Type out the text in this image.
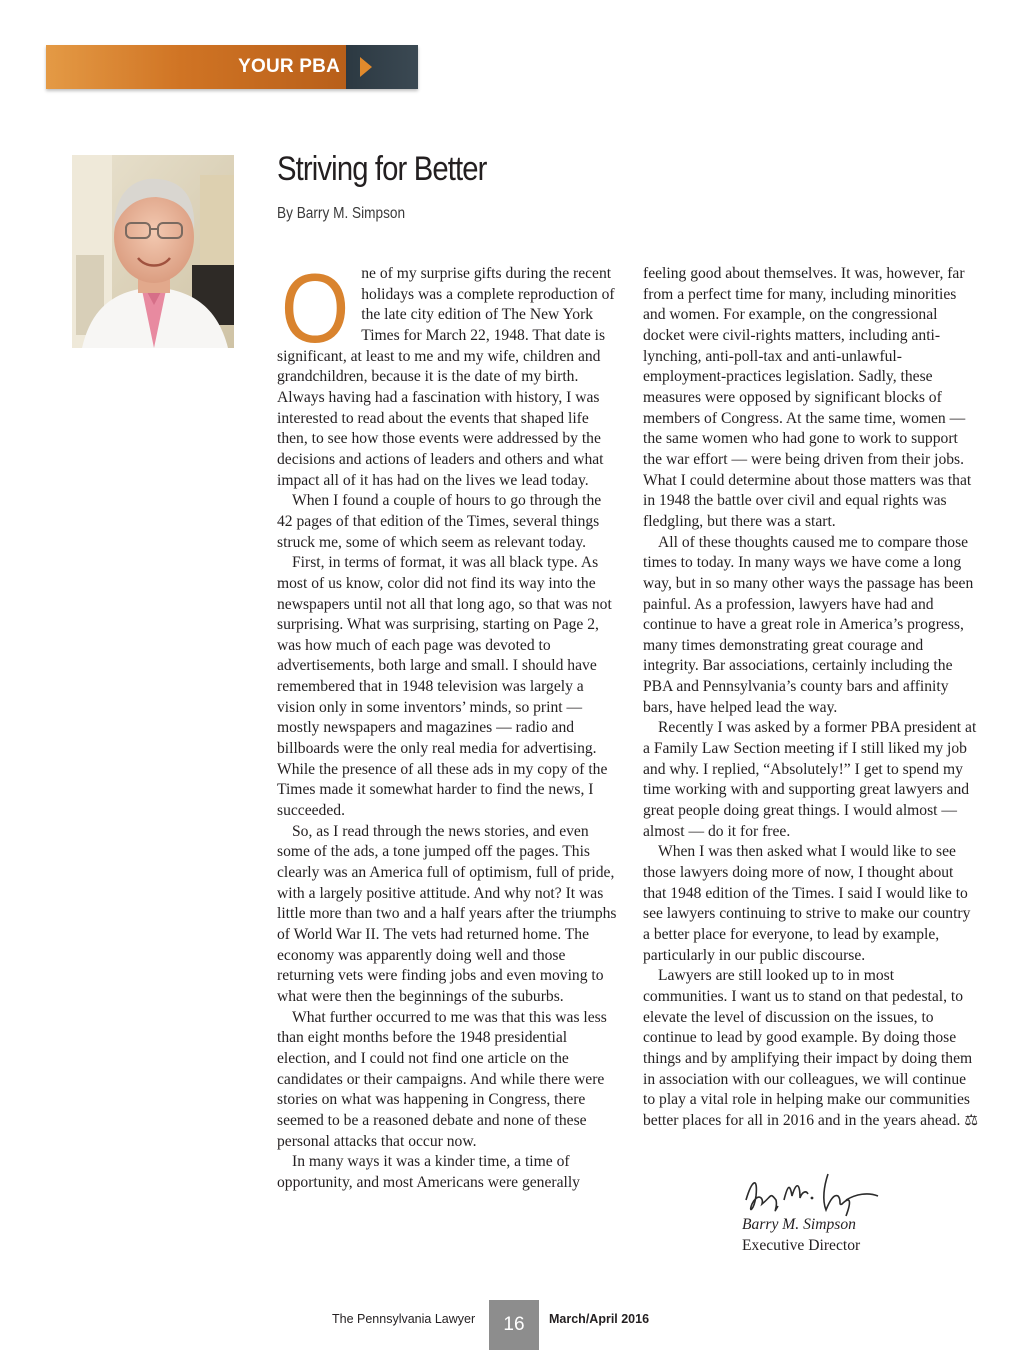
YOUR PBA
Striving for Better
By Barry M. Simpson

One of my surprise gifts during the recent holidays was a complete reproduction of the late city edition of The New York Times for March 22, 1948. That date is significant, at least to me and my wife, children and grandchildren, because it is the date of my birth. Always having had a fascination with history, I was interested to read about the events that shaped life then, to see how those events were addressed by the decisions and actions of leaders and others and what impact all of it has had on the lives we lead today.

When I found a couple of hours to go through the 42 pages of that edition of the Times, several things struck me, some of which seem as relevant today.

First, in terms of format, it was all black type. As most of us know, color did not find its way into the newspapers until not all that long ago, so that was not surprising. What was surprising, starting on Page 2, was how much of each page was devoted to advertisements, both large and small. I should have remembered that in 1948 television was largely a vision only in some inventors’ minds, so print — mostly newspapers and magazines — radio and billboards were the only real media for advertising. While the presence of all these ads in my copy of the Times made it somewhat harder to find the news, I succeeded.

So, as I read through the news stories, and even some of the ads, a tone jumped off the pages. This clearly was an America full of optimism, full of pride, with a largely positive attitude. And why not? It was little more than two and a half years after the triumphs of World War II. The vets had returned home. The economy was apparently doing well and those returning vets were finding jobs and even moving to what were then the beginnings of the suburbs.

What further occurred to me was that this was less than eight months before the 1948 presidential election, and I could not find one article on the candidates or their campaigns. And while there were stories on what was happening in Congress, there seemed to be a reasoned debate and none of these personal attacks that occur now.

In many ways it was a kinder time, a time of opportunity, and most Americans were generally

feeling good about themselves. It was, however, far from a perfect time for many, including minorities and women. For example, on the congressional docket were civil-rights matters, including anti-lynching, anti-poll-tax and anti-unlawful-employment-practices legislation. Sadly, these measures were opposed by significant blocks of members of Congress. At the same time, women — the same women who had gone to work to support the war effort — were being driven from their jobs. What I could determine about those matters was that in 1948 the battle over civil and equal rights was fledgling, but there was a start.

All of these thoughts caused me to compare those times to today. In many ways we have come a long way, but in so many other ways the passage has been painful. As a profession, lawyers have had and continue to have a great role in America’s progress, many times demonstrating great courage and integrity. Bar associations, certainly including the PBA and Pennsylvania’s county bars and affinity bars, have helped lead the way.

Recently I was asked by a former PBA president at a Family Law Section meeting if I still liked my job and why. I replied, “Absolutely!” I get to spend my time working with and supporting great lawyers and great people doing great things. I would almost — almost — do it for free.

When I was then asked what I would like to see those lawyers doing more of now, I thought about that 1948 edition of the Times. I said I would like to see lawyers continuing to strive to make our country a better place for everyone, to lead by example, particularly in our public discourse.

Lawyers are still looked up to in most communities. I want us to stand on that pedestal, to elevate the level of discussion on the issues, to continue to lead by good example. By doing those things and by amplifying their impact by doing them in association with our colleagues, we will continue to play a vital role in helping make our communities better places for all in 2016 and in the years ahead. ⚖

Barry M. Simpson
Executive Director
The Pennsylvania Lawyer	16	March/April 2016
